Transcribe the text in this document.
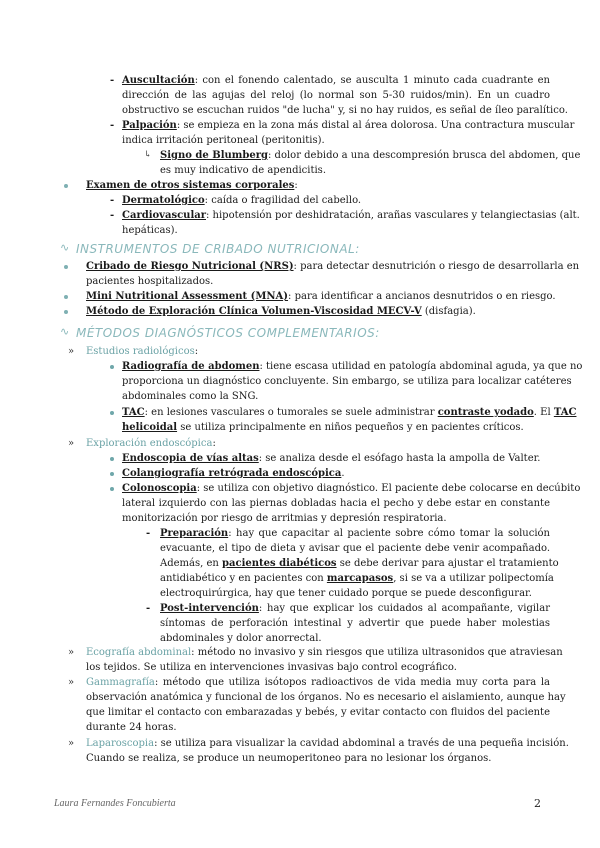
- Auscultación: con el fonendo calentado, se ausculta 1 minuto cada cuadrante en
dirección de las agujas del reloj (lo normal son 5-30 ruidos/min). En un cuadro
obstructivo se escuchan ruidos "de lucha" y, si no hay ruidos, es señal de íleo paralítico.
- Palpación: se empieza en la zona más distal al área dolorosa. Una contractura muscular
indica irritación peritoneal (peritonitis).
↳ Signo de Blumberg: dolor debido a una descompresión brusca del abdomen, que
es muy indicativo de apendicitis.
Examen de otros sistemas corporales:
- Dermatológico: caída o fragilidad del cabello.
- Cardiovascular: hipotensión por deshidratación, arañas vasculares y telangiectasias (alt.
hepáticas).
∿ INSTRUMENTOS DE CRIBADO NUTRICIONAL:
Cribado de Riesgo Nutricional (NRS): para detectar desnutrición o riesgo de desarrollarla en
pacientes hospitalizados.
Mini Nutritional Assessment (MNA): para identificar a ancianos desnutridos o en riesgo.
Método de Exploración Clínica Volumen-Viscosidad MECV-V (disfagia).
∿ MÉTODOS DIAGNÓSTICOS COMPLEMENTARIOS:
» Estudios radiológicos:
Radiografía de abdomen: tiene escasa utilidad en patología abdominal aguda, ya que no
proporciona un diagnóstico concluyente. Sin embargo, se utiliza para localizar catéteres
abdominales como la SNG.
TAC: en lesiones vasculares o tumorales se suele administrar contraste yodado. El TAC
helicoidal se utiliza principalmente en niños pequeños y en pacientes críticos.
» Exploración endoscópica:
Endoscopia de vías altas: se analiza desde el esófago hasta la ampolla de Valter.
Colangiografía retrógrada endoscópica.
Colonoscopia: se utiliza con objetivo diagnóstico. El paciente debe colocarse en decúbito
lateral izquierdo con las piernas dobladas hacia el pecho y debe estar en constante
monitorización por riesgo de arritmias y depresión respiratoria.
- Preparación: hay que capacitar al paciente sobre cómo tomar la solución
evacuante, el tipo de dieta y avisar que el paciente debe venir acompañado.
Además, en pacientes diabéticos se debe derivar para ajustar el tratamiento
antidiabético y en pacientes con marcapasos, si se va a utilizar polipectomía
electroquirúrgica, hay que tener cuidado porque se puede desconfigurar.
- Post-intervención: hay que explicar los cuidados al acompañante, vigilar
síntomas de perforación intestinal y advertir que puede haber molestias
abdominales y dolor anorrectal.
» Ecografía abdominal: método no invasivo y sin riesgos que utiliza ultrasonidos que atraviesan
los tejidos. Se utiliza en intervenciones invasivas bajo control ecográfico.
» Gammagrafía: método que utiliza isótopos radioactivos de vida media muy corta para la
observación anatómica y funcional de los órganos. No es necesario el aislamiento, aunque hay
que limitar el contacto con embarazadas y bebés, y evitar contacto con fluidos del paciente
durante 24 horas.
» Laparoscopia: se utiliza para visualizar la cavidad abdominal a través de una pequeña incisión.
Cuando se realiza, se produce un neumoperitoneo para no lesionar los órganos.
Laura Fernandes Foncubierta	2
